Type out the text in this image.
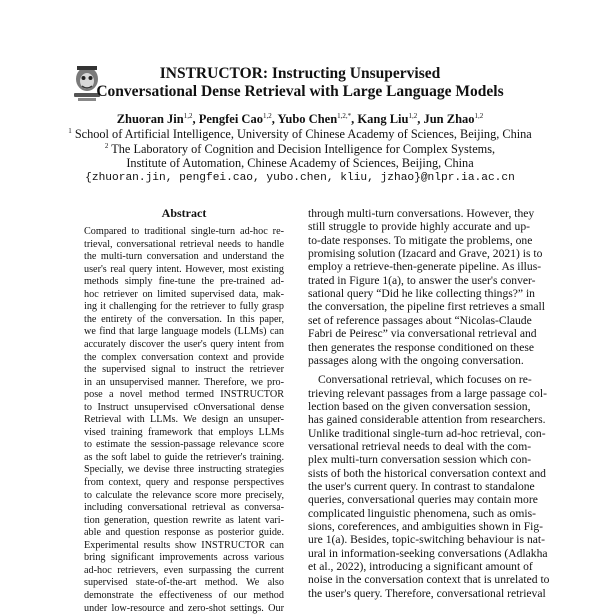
INSTRUCTOR: Instructing Unsupervised
Conversational Dense Retrieval with Large Language Models
Zhuoran Jin$^{1,2}$, Pengfei Cao$^{1,2}$, Yubo Chen$^{1,2,*}$, Kang Liu$^{1,2}$, Jun Zhao$^{1,2}$
$^1$ School of Artificial Intelligence, University of Chinese Academy of Sciences, Beijing, China
$^2$ The Laboratory of Cognition and Decision Intelligence for Complex Systems,
Institute of Automation, Chinese Academy of Sciences, Beijing, China
{zhuoran.jin, pengfei.cao, yubo.chen, kliu, jzhao}@nlpr.ia.ac.cn
Abstract
Compared to traditional single-turn ad-hoc re-
trieval, conversational retrieval needs to handle
the multi-turn conversation and understand the
user's real query intent. However, most existing
methods simply fine-tune the pre-trained ad-
hoc retriever on limited supervised data, mak-
ing it challenging for the retriever to fully grasp
the entirety of the conversation. In this paper,
we find that large language models (LLMs) can
accurately discover the user's query intent from
the complex conversation context and provide
the supervised signal to instruct the retriever
in an unsupervised manner. Therefore, we pro-
pose a novel method termed INSTRUCTOR
to Instruct unsupervised cOnversational dense
Retrieval with LLMs. We design an unsuper-
vised training framework that employs LLMs
to estimate the session-passage relevance score
as the soft label to guide the retriever's training.
Specially, we devise three instructing strategies
from context, query and response perspectives
to calculate the relevance score more precisely,
including conversational retrieval as conversa-
tion generation, question rewrite as latent vari-
able and question response as posterior guide.
Experimental results show INSTRUCTOR can
bring significant improvements across various
ad-hoc retrievers, even surpassing the current
supervised state-of-the-art method. We also
demonstrate the effectiveness of our method
under low-resource and zero-shot settings. Our
through multi-turn conversations. However, they
still struggle to provide highly accurate and up-
to-date responses. To mitigate the problems, one
promising solution (Izacard and Grave, 2021) is to
employ a retrieve-then-generate pipeline. As illus-
trated in Figure 1(a), to answer the user's conver-
sational query “Did he like collecting things?” in
the conversation, the pipeline first retrieves a small
set of reference passages about “Nicolas-Claude
Fabri de Peiresc” via conversational retrieval and
then generates the response conditioned on these
passages along with the ongoing conversation.
Conversational retrieval, which focuses on re-
trieving relevant passages from a large passage col-
lection based on the given conversation session,
has gained considerable attention from researchers.
Unlike traditional single-turn ad-hoc retrieval, con-
versational retrieval needs to deal with the com-
plex multi-turn conversation session which con-
sists of both the historical conversation context and
the user's current query. In contrast to standalone
queries, conversational queries may contain more
complicated linguistic phenomena, such as omis-
sions, coreferences, and ambiguities shown in Fig-
ure 1(a). Besides, topic-switching behaviour is nat-
ural in information-seeking conversations (Adlakha
et al., 2022), introducing a significant amount of
noise in the conversation context that is unrelated to
the user's query. Therefore, conversational retrieval
